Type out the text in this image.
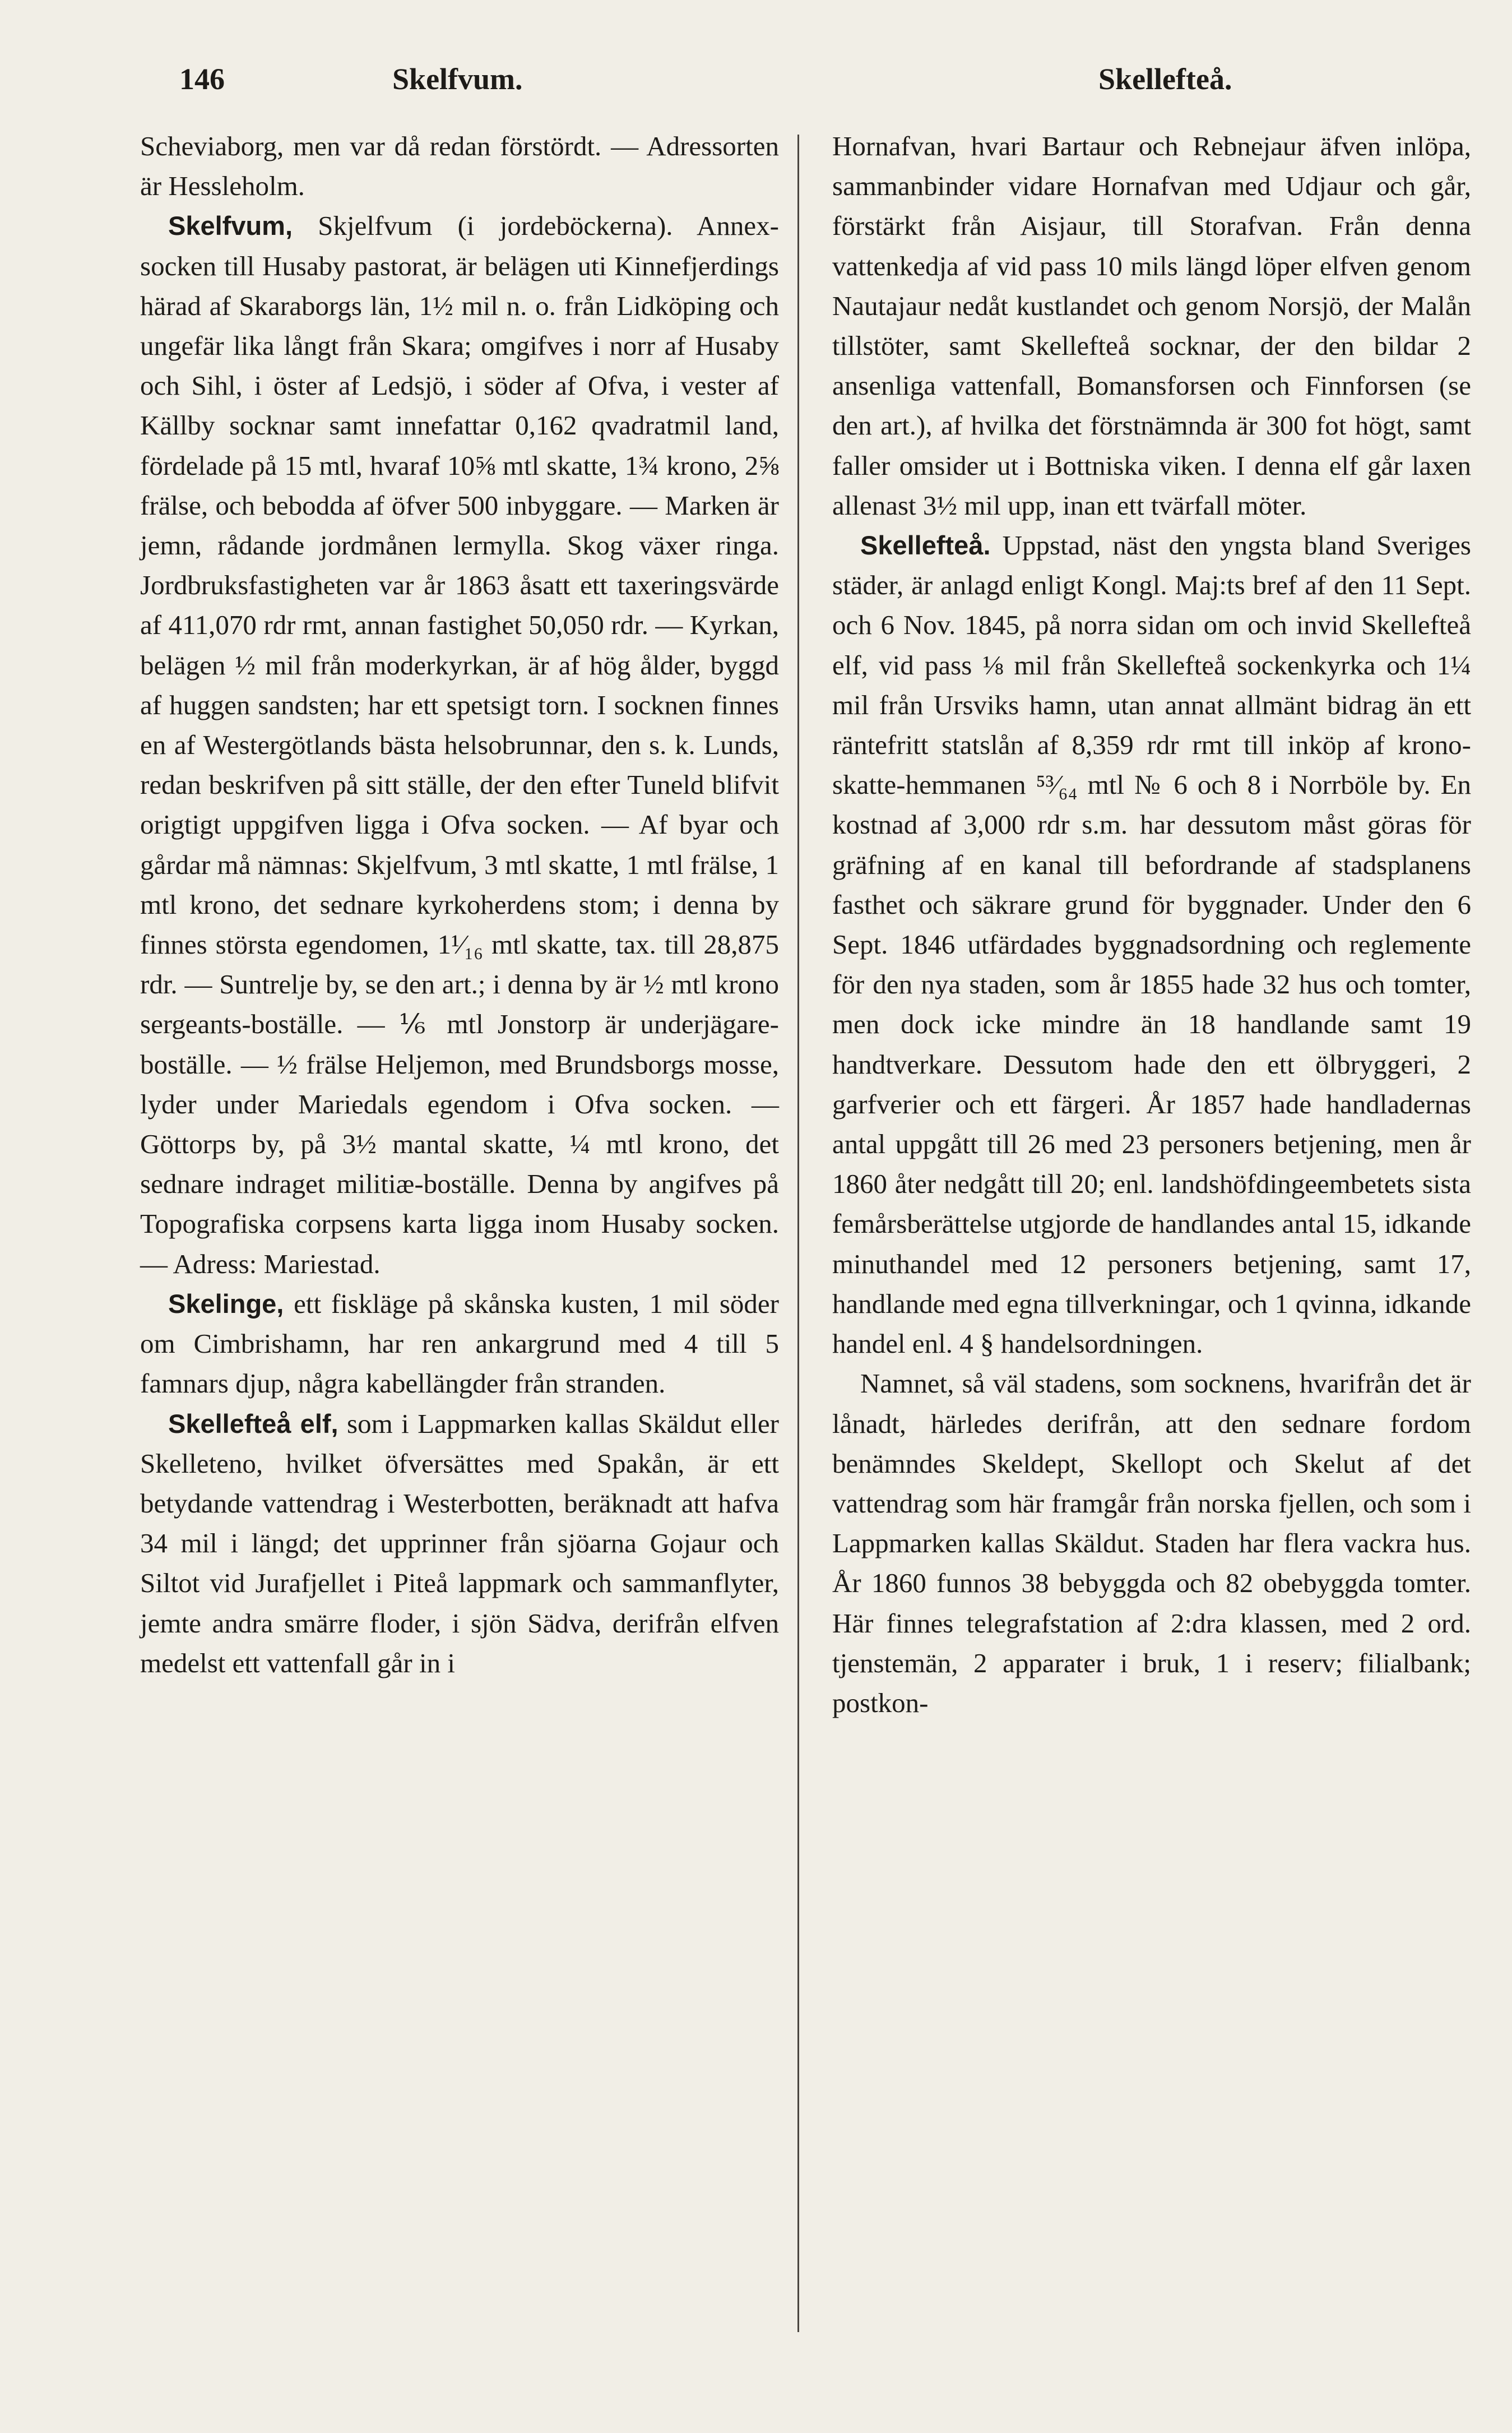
146	Skelfvum.	Skellefteå.

Scheviaborg, men var då redan förstördt. — Adressorten är Hessleholm.

Skelfvum, Skjelfvum (i jordeböckerna). Annex-socken till Husaby pastorat, är belägen uti Kinnefjerdings härad af Skaraborgs län, 1½ mil n. o. från Lidköping och ungefär lika långt från Skara; omgifves i norr af Husaby och Sihl, i öster af Ledsjö, i söder af Ofva, i vester af Källby socknar samt innefattar 0,162 qvadratmil land, fördelade på 15 mtl, hvaraf 10⅝ mtl skatte, 1¾ krono, 2⅝ frälse, och bebodda af öfver 500 inbyggare. — Marken är jemn, rådande jordmånen lermylla. Skog växer ringa. Jordbruksfastigheten var år 1863 åsatt ett taxeringsvärde af 411,070 rdr rmt, annan fastighet 50,050 rdr. — Kyrkan, belägen ½ mil från moderkyrkan, är af hög ålder, byggd af huggen sandsten; har ett spetsigt torn. I socknen finnes en af Westergötlands bästa helsobrunnar, den s. k. Lunds, redan beskrifven på sitt ställe, der den efter Tuneld blifvit origtigt uppgifven ligga i Ofva socken. — Af byar och gårdar må nämnas: Skjelfvum, 3 mtl skatte, 1 mtl frälse, 1 mtl krono, det sednare kyrkoherdens stom; i denna by finnes största egendomen, 1¹⁄₁₆ mtl skatte, tax. till 28,875 rdr. — Suntrelje by, se den art.; i denna by är ½ mtl krono sergeants-boställe. — ⅙ mtl Jonstorp är underjägare-boställe. — ½ frälse Heljemon, med Brundsborgs mosse, lyder under Mariedals egendom i Ofva socken. — Göttorps by, på 3½ mantal skatte, ¼ mtl krono, det sednare indraget militiæ-boställe. Denna by angifves på Topografiska corpsens karta ligga inom Husaby socken. — Adress: Mariestad.

Skelinge, ett fiskläge på skånska kusten, 1 mil söder om Cimbrishamn, har ren ankargrund med 4 till 5 famnars djup, några kabellängder från stranden.

Skellefteå elf, som i Lappmarken kallas Skäldut eller Skelleteno, hvilket öfversättes med Spakån, är ett betydande vattendrag i Westerbotten, beräknadt att hafva 34 mil i längd; det upprinner från sjöarna Gojaur och Siltot vid Jurafjellet i Piteå lappmark och sammanflyter, jemte andra smärre floder, i sjön Sädva, derifrån elfven medelst ett vattenfall går in i

Hornafvan, hvari Bartaur och Rebnejaur äfven inlöpa, sammanbinder vidare Hornafvan med Udjaur och går, förstärkt från Aisjaur, till Storafvan. Från denna vattenkedja af vid pass 10 mils längd löper elfven genom Nautajaur nedåt kustlandet och genom Norsjö, der Malån tillstöter, samt Skellefteå socknar, der den bildar 2 ansenliga vattenfall, Bomansforsen och Finnforsen (se den art.), af hvilka det förstnämnda är 300 fot högt, samt faller omsider ut i Bottniska viken. I denna elf går laxen allenast 3½ mil upp, inan ett tvärfall möter.

Skellefteå. Uppstad, näst den yngsta bland Sveriges städer, är anlagd enligt Kongl. Maj:ts bref af den 11 Sept. och 6 Nov. 1845, på norra sidan om och invid Skellefteå elf, vid pass ⅛ mil från Skellefteå sockenkyrka och 1¼ mil från Ursviks hamn, utan annat allmänt bidrag än ett räntefritt statslån af 8,359 rdr rmt till inköp af krono-skatte-hemmanen ⁵³⁄₆₄ mtl № 6 och 8 i Norrböle by. En kostnad af 3,000 rdr s.m. har dessutom måst göras för gräfning af en kanal till befordrande af stadsplanens fasthet och säkrare grund för byggnader. Under den 6 Sept. 1846 utfärdades byggnadsordning och reglemente för den nya staden, som år 1855 hade 32 hus och tomter, men dock icke mindre än 18 handlande samt 19 handtverkare. Dessutom hade den ett ölbryggeri, 2 garfverier och ett färgeri. År 1857 hade handladernas antal uppgått till 26 med 23 personers betjening, men år 1860 åter nedgått till 20; enl. landshöfdingeembetets sista femårsberättelse utgjorde de handlandes antal 15, idkande minuthandel med 12 personers betjening, samt 17, handlande med egna tillverkningar, och 1 qvinna, idkande handel enl. 4 § handelsordningen.

Namnet, så väl stadens, som socknens, hvarifrån det är lånadt, härledes derifrån, att den sednare fordom benämndes Skeldept, Skellopt och Skelut af det vattendrag som här framgår från norska fjellen, och som i Lappmarken kallas Skäldut. Staden har flera vackra hus. År 1860 funnos 38 bebyggda och 82 obebyggda tomter. Här finnes telegrafstation af 2:dra klassen, med 2 ord. tjenstemän, 2 apparater i bruk, 1 i reserv; filialbank; postkon-
